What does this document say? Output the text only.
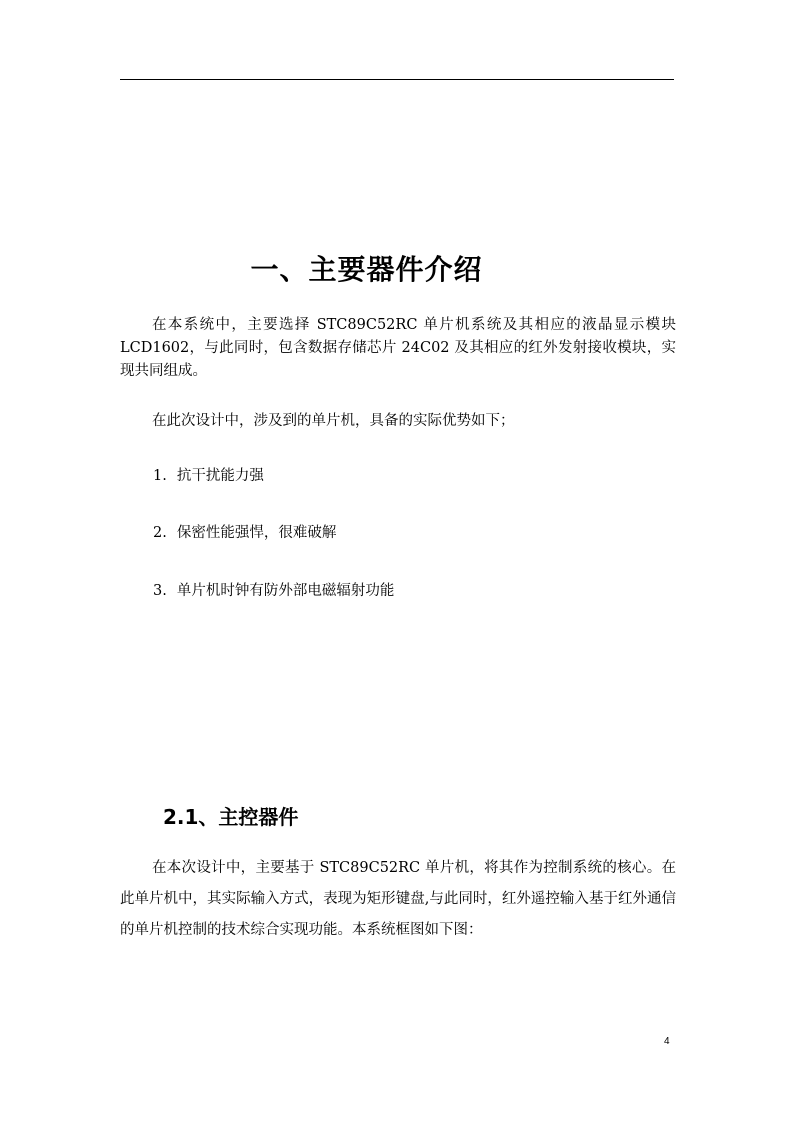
一、主要器件介绍

在本系统中，主要选择 STC89C52RC 单片机系统及其相应的液晶显示模块 LCD1602，与此同时，包含数据存储芯片 24C02 及其相应的红外发射接收模块，实现共同组成。

在此次设计中，涉及到的单片机，具备的实际优势如下；

1. 抗干扰能力强
2. 保密性能强悍，很难破解
3. 单片机时钟有防外部电磁辐射功能
2.1、主控器件

在本次设计中，主要基于 STC89C52RC 单片机，将其作为控制系统的核心。在此单片机中，其实际输入方式，表现为矩形键盘,与此同时，红外遥控输入基于红外通信的单片机控制的技术综合实现功能。本系统框图如下图：

4
